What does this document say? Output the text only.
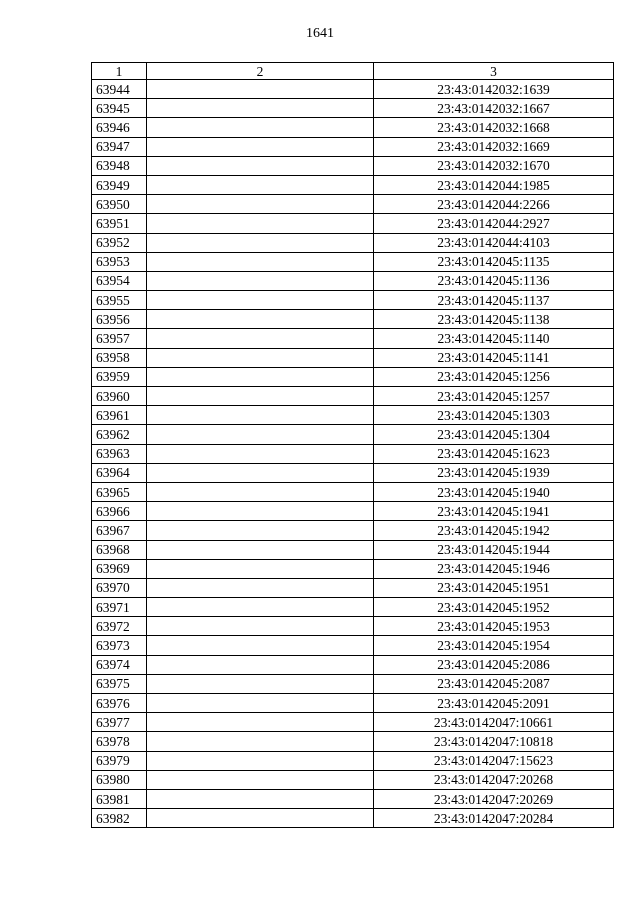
1641
1	2	3
63944		23:43:0142032:1639
63945		23:43:0142032:1667
63946		23:43:0142032:1668
63947		23:43:0142032:1669
63948		23:43:0142032:1670
63949		23:43:0142044:1985
63950		23:43:0142044:2266
63951		23:43:0142044:2927
63952		23:43:0142044:4103
63953		23:43:0142045:1135
63954		23:43:0142045:1136
63955		23:43:0142045:1137
63956		23:43:0142045:1138
63957		23:43:0142045:1140
63958		23:43:0142045:1141
63959		23:43:0142045:1256
63960		23:43:0142045:1257
63961		23:43:0142045:1303
63962		23:43:0142045:1304
63963		23:43:0142045:1623
63964		23:43:0142045:1939
63965		23:43:0142045:1940
63966		23:43:0142045:1941
63967		23:43:0142045:1942
63968		23:43:0142045:1944
63969		23:43:0142045:1946
63970		23:43:0142045:1951
63971		23:43:0142045:1952
63972		23:43:0142045:1953
63973		23:43:0142045:1954
63974		23:43:0142045:2086
63975		23:43:0142045:2087
63976		23:43:0142045:2091
63977		23:43:0142047:10661
63978		23:43:0142047:10818
63979		23:43:0142047:15623
63980		23:43:0142047:20268
63981		23:43:0142047:20269
63982		23:43:0142047:20284
